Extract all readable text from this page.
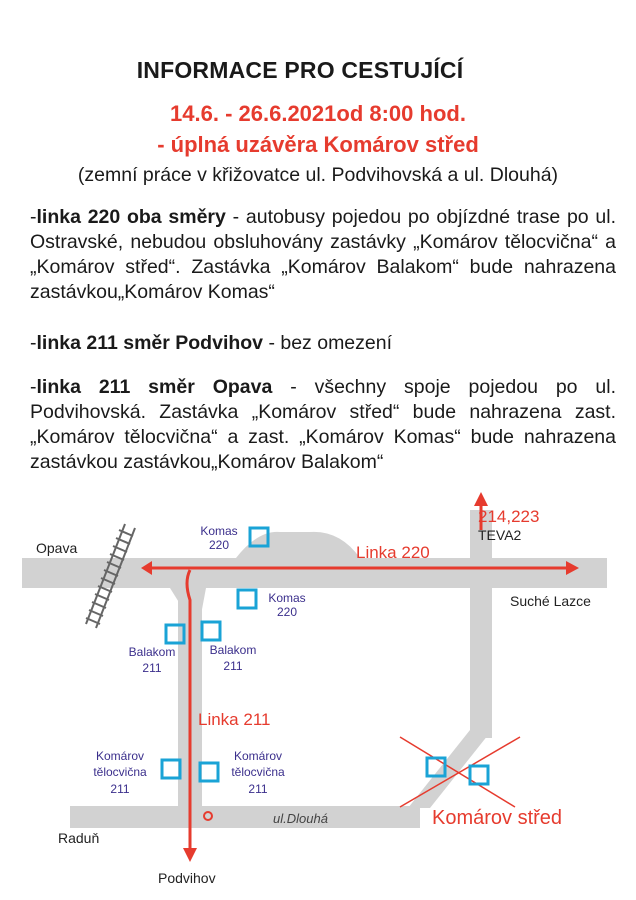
INFORMACE PRO CESTUJÍCÍ
14.6. - 26.6.2021od 8:00 hod.
- úplná uzávěra Komárov střed
(zemní práce v křižovatce ul. Podvihovská a ul. Dlouhá)
-linka 220 oba směry - autobusy pojedou po objízdné trase po ul. Ostravské, nebudou obsluhovány zastávky „Komárov tělocvična“ a „Komárov střed“. Zastávka „Komárov Balakom“ bude nahrazena zastávkou„Komárov Komas“
-linka 211 směr Podvihov - bez omezení
-linka 211 směr Opava - všechny spoje pojedou po ul. Podvihovská. Zastávka „Komárov střed“ bude nahrazena zast. „Komárov tělocvična“ a zast. „Komárov Komas“ bude nahrazena zastávkou zastávkou„Komárov Balakom“
Opava
Suché Lazce
Raduň
Podvihov
TEVA2
ul.Dlouhá
214,223
Linka 220
Linka 211
Komárov střed
Komas
220
Komas
220
Balakom
211
Balakom
211
Komárov
tělocvična
211
Komárov
tělocvična
211
